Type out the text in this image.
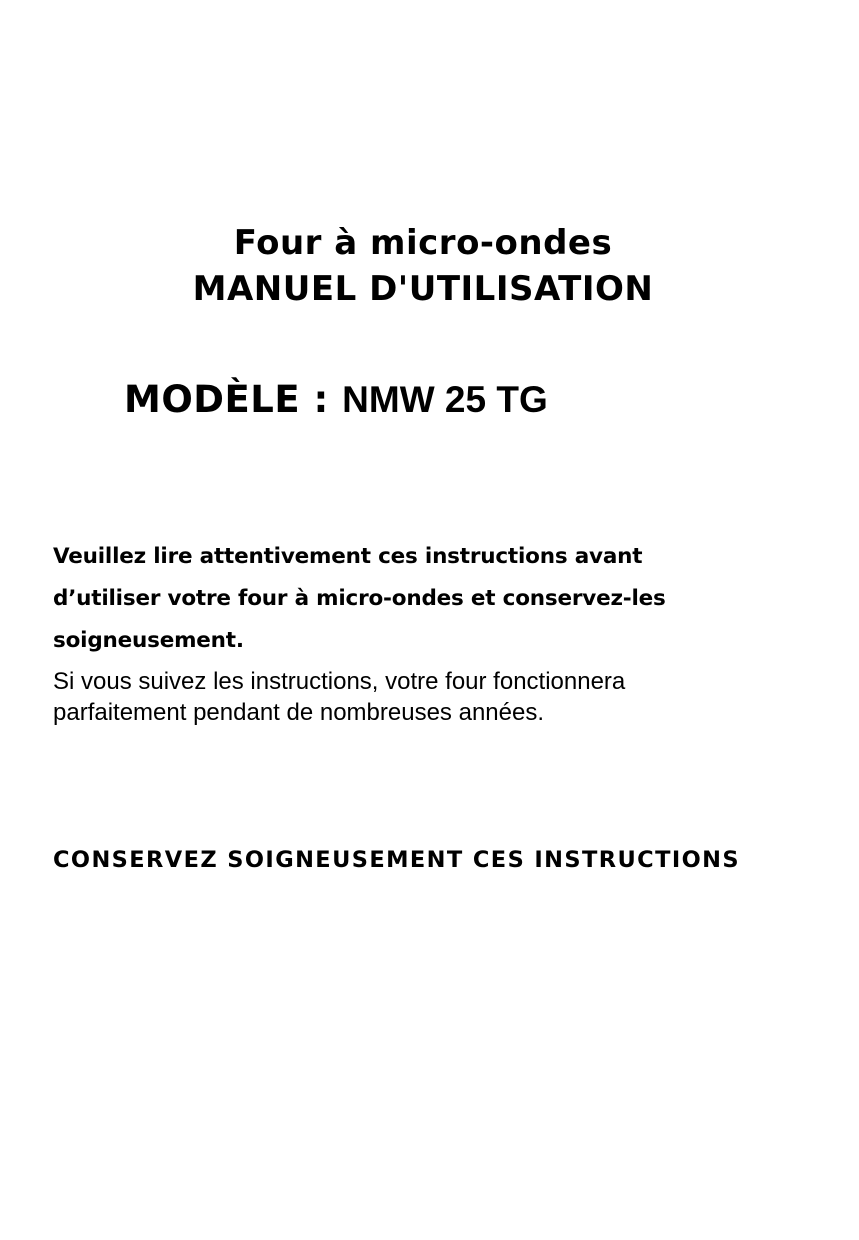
Four à micro-ondes
MANUEL D'UTILISATION
MODÈLE : NMW 25 TG
Veuillez lire attentivement ces instructions avant
d’utiliser votre four à micro-ondes et conservez-les
soigneusement.
Si vous suivez les instructions, votre four fonctionnera
parfaitement pendant de nombreuses années.
CONSERVEZ SOIGNEUSEMENT CES INSTRUCTIONS
